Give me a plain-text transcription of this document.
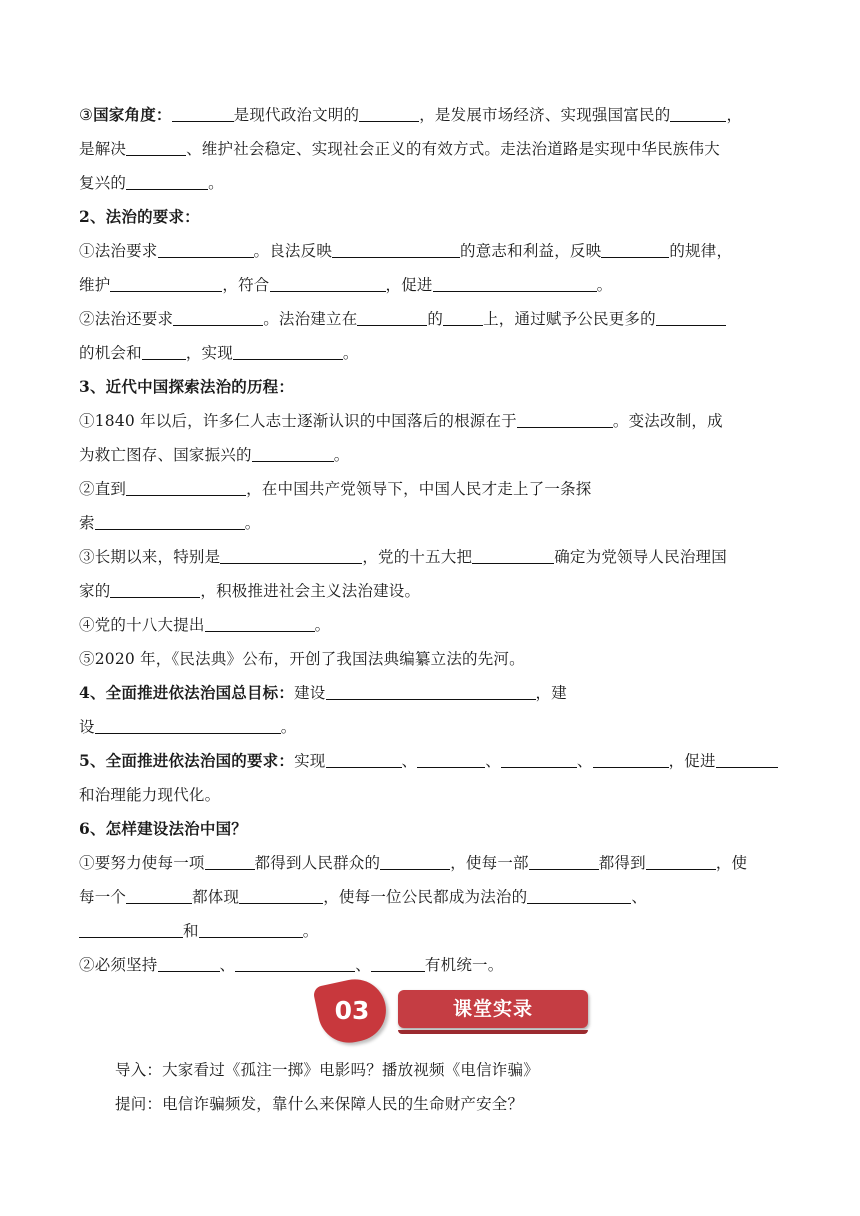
③国家角度：	是现代政治文明的	，是发展市场经济、实现强国富民的	，
是解决	、维护社会稳定、实现社会正义的有效方式。走法治道路是实现中华民族伟大
复兴的	。
2、法治的要求：
①法治要求	。良法反映	的意志和利益，反映	的规律，
维护	，符合	，促进	。
②法治还要求	。法治建立在	的	上，通过赋予公民更多的
的机会和	，实现	。
3、近代中国探索法治的历程：
①1840 年以后，许多仁人志士逐渐认识的中国落后的根源在于	。变法改制，成
为救亡图存、国家振兴的	。
②直到	，在中国共产党领导下，中国人民才走上了一条探
索	。
③长期以来，特别是	，党的十五大把	确定为党领导人民治理国
家的	，积极推进社会主义法治建设。
④党的十八大提出	。
⑤2020 年，《民法典》公布，开创了我国法典编纂立法的先河。
4、全面推进依法治国总目标：建设	，建
设	。
5、全面推进依法治国的要求：实现	、	、	、	，促进
和治理能力现代化。
6、怎样建设法治中国？
①要努力使每一项	都得到人民群众的	，使每一部	都得到	，使
每一个	都体现	，使每一位公民都成为法治的	、
和	。
②必须坚持	、	、	有机统一。
03	课堂实录
导入：大家看过《孤注一掷》电影吗？播放视频《电信诈骗》
提问：电信诈骗频发，靠什么来保障人民的生命财产安全？
